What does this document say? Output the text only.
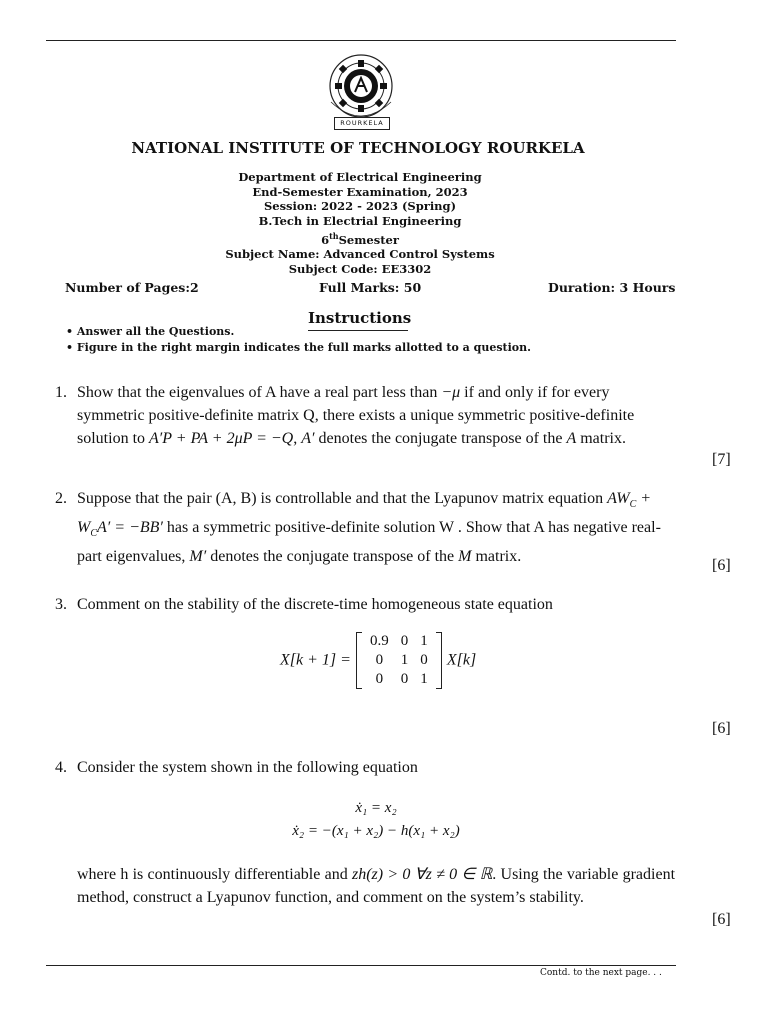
ROURKELA
NATIONAL INSTITUTE OF TECHNOLOGY ROURKELA
Department of Electrical Engineering
End-Semester Examination, 2023
Session: 2022 - 2023 (Spring)
B.Tech in Electrial Engineering
6thSemester
Subject Name: Advanced Control Systems
Subject Code: EE3302
Number of Pages:2	Full Marks: 50	Duration: 3 Hours
Instructions
• Answer all the Questions.
• Figure in the right margin indicates the full marks allotted to a question.
1. Show that the eigenvalues of A have a real part less than −μ if and only if for every symmetric positive-definite matrix Q, there exists a unique symmetric positive-definite solution to A′P + PA + 2μP = −Q, A′ denotes the conjugate transpose of the A matrix.
[7]
2. Suppose that the pair (A, B) is controllable and that the Lyapunov matrix equation $AW_C + W_CA' = -BB'$ has a symmetric positive-definite solution W . Show that A has negative real-part eigenvalues, M′ denotes the conjugate transpose of the M matrix.
[6]
3. Comment on the stability of the discrete-time homogeneous state equation
X[k + 1] =
0.9	0	1
0	1	0
0	0	1
X[k]
[6]
4. Consider the system shown in the following equation
ẋ₁ = x₂
ẋ₂ = −(x₁ + x₂) − h(x₁ + x₂)
where h is continuously differentiable and zh(z) > 0 ∀z ≠ 0 ∈ ℝ. Using the variable gradient method, construct a Lyapunov function, and comment on the system’s stability.
[6]
Contd. to the next page. . .
